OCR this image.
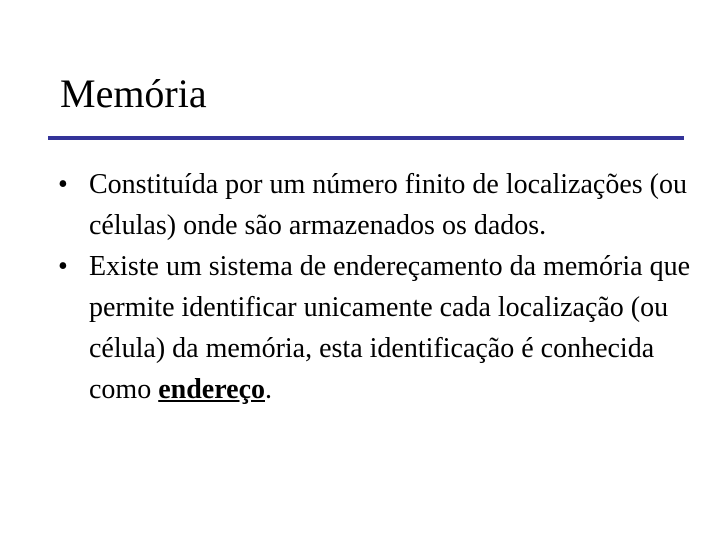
Memória
• Constituída por um número finito de localizações (ou células) onde são armazenados os dados.
• Existe um sistema de endereçamento da memória que permite identificar unicamente cada localização (ou célula) da memória, esta identificação é conhecida como endereço.
